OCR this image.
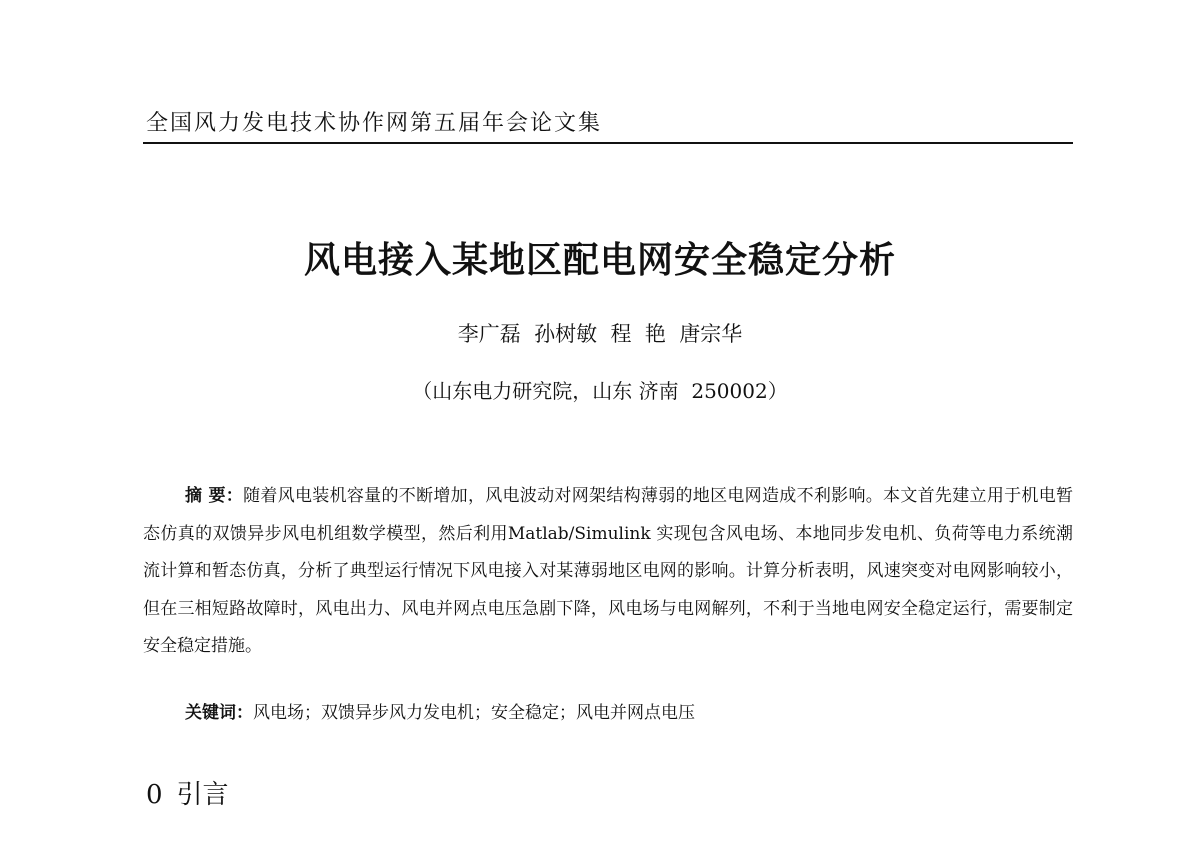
全国风力发电技术协作网第五届年会论文集
风电接入某地区配电网安全稳定分析
李广磊  孙树敏  程  艳  唐宗华
（山东电力研究院，山东 济南  250002）

摘 要：随着风电装机容量的不断增加，风电波动对网架结构薄弱的地区电网造成不利影响。本文首先建立用于机电暂态仿真的双馈异步风电机组数学模型，然后利用Matlab/Simulink 实现包含风电场、本地同步发电机、负荷等电力系统潮流计算和暂态仿真，分析了典型运行情况下风电接入对某薄弱地区电网的影响。计算分析表明，风速突变对电网影响较小，但在三相短路故障时，风电出力、风电并网点电压急剧下降，风电场与电网解列，不利于当地电网安全稳定运行，需要制定安全稳定措施。

关键词：风电场；双馈异步风力发电机；安全稳定；风电并网点电压
0 引言
